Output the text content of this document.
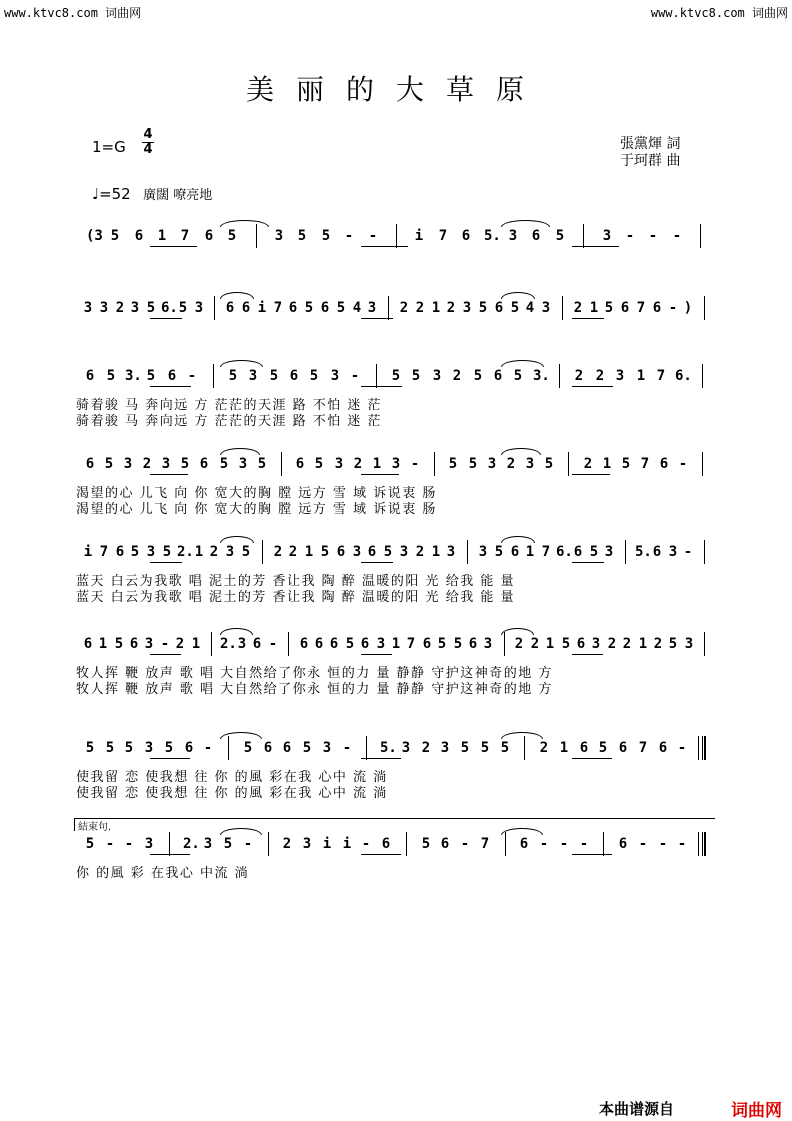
www.ktvc8.com 词曲网	www.ktvc8.com 词曲网
美丽的大草原
$1=G \frac{4}{4}$	張黨煇 詞
于珂群 曲
♩=52 廣闊 嘹亮地
(3 5 6 1 7 6 5	3 5 5 - -	i 7 6 5. 3 6 5	3 - - -
3 3 2 3 5 6. 5 3 6 6 i 7 6 5 6 5 4 3 2 2 1 2 3 5 6 5 4 3 2 1 5 6 7 6 - )
6 5 3. 5 6 - 5 3 5 6 5 3 - 5 5 3 2 5 6 5 3. 2 2 3 1 7 6.
骑着骏 马 奔向远 方 茫茫的天涯 路 不怕 迷 茫
骑着骏 马 奔向远 方 茫茫的天涯 路 不怕 迷 茫
6 5 3 2 3 5 6 5 3 5 6 5 3 2 1 3 - 5 5 3 2 3 5 2 1 5 7 6 -
渴望的心 儿飞 向 你 宽大的胸 膛 远方 雪 域 诉说衷 肠
渴望的心 儿飞 向 你 宽大的胸 膛 远方 雪 域 诉说衷 肠
i 7 6 5 3 5 2. 1 2 3 5 2 2 1 5 6 3 6 5 3 2 1 3 3 5 6 1 7 6. 6 5 3 5. 6 3 -
蓝天 白云为我歌 唱 泥土的芳 香让我 陶 醉 温暖的阳 光 给我 能 量
蓝天 白云为我歌 唱 泥土的芳 香让我 陶 醉 温暖的阳 光 给我 能 量
6 1 5 6 3 - 2 1 2. 3 6 - 6 6 6 5 6 3 1 7 6 5 5 6 3 2 2 1 5 6 3 2 2 1 2 5 3
牧人挥 鞭 放声 歌 唱 大自然给了你永 恒的力 量 静静 守护这神奇的地 方
牧人挥 鞭 放声 歌 唱 大自然给了你永 恒的力 量 静静 守护这神奇的地 方
5 5 5 3 5 6 - 5 6 6 5 3 - 5. 3 2 3 5 5 5 2 1 6 5 6 7 6 -
使我留 恋 使我想 往 你 的風 彩在我 心中 流 淌
使我留 恋 使我想 往 你 的風 彩在我 心中 流 淌
5 - - 3 2. 3 5 - 2 3 i i - 6 5 6 - 7 6 - - - 6 - - -
你 的風 彩 在我心 中流 淌
結束句.
本曲谱源自	词曲网
